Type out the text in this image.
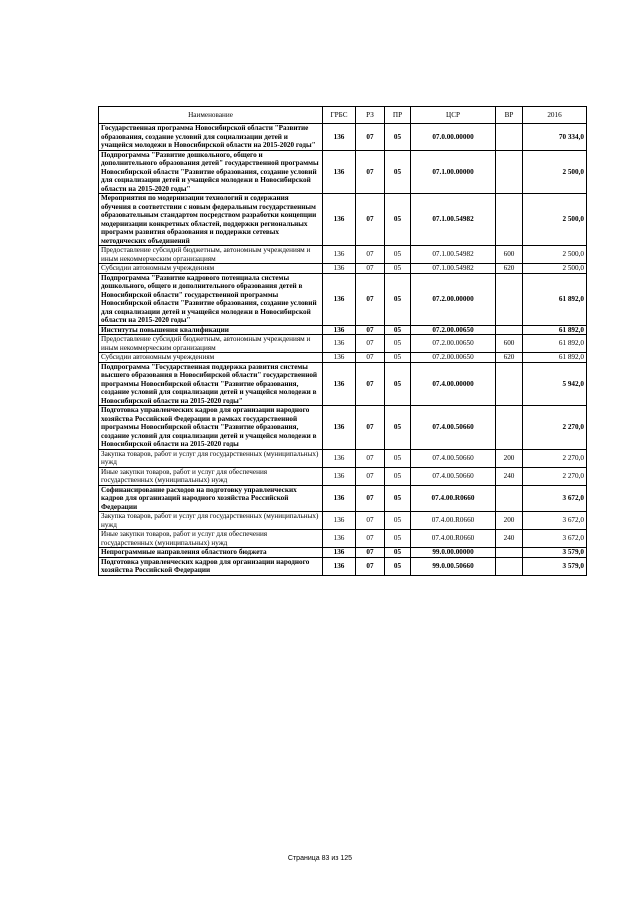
Наименование	ГРБС	РЗ	ПР	ЦСР	ВР	2016
Государственная программа Новосибирской области "Развитие образования, создание условий для социализации детей и учащейся молодежи в Новосибирской области на 2015-2020 годы"	136	07	05	07.0.00.00000		70 334,0
Подпрограмма "Развитие дошкольного, общего и дополнительного образования детей" государственной программы Новосибирской области "Развитие образования, создание условий для социализации детей и учащейся молодежи в Новосибирской области на 2015-2020 годы"	136	07	05	07.1.00.00000		2 500,0
Мероприятия по модернизации технологий и содержания обучения в соответствии с новым федеральным государственным образовательным стандартом посредством разработки концепции модернизации конкретных областей, поддержки региональных программ развития образования и поддержки сетевых методических объединений	136	07	05	07.1.00.54982		2 500,0
Предоставление субсидий бюджетным, автономным учреждениям и иным некоммерческим организациям	136	07	05	07.1.00.54982	600	2 500,0
Субсидии автономным учреждениям	136	07	05	07.1.00.54982	620	2 500,0
Подпрограмма "Развитие кадрового потенциала системы дошкольного, общего и дополнительного образования детей в Новосибирской области" государственной программы Новосибирской области "Развитие образования, создание условий для социализации детей и учащейся молодежи в Новосибирской области на 2015-2020 годы"	136	07	05	07.2.00.00000		61 892,0
Институты повышения квалификации	136	07	05	07.2.00.00650		61 892,0
Предоставление субсидий бюджетным, автономным учреждениям и иным некоммерческим организациям	136	07	05	07.2.00.00650	600	61 892,0
Субсидии автономным учреждениям	136	07	05	07.2.00.00650	620	61 892,0
Подпрограмма "Государственная поддержка развития системы высшего образования в Новосибирской области" государственной программы Новосибирской области "Развитие образования, создание условий для социализации детей и учащейся молодежи в Новосибирской области на 2015-2020 годы"	136	07	05	07.4.00.00000		5 942,0
Подготовка управленческих кадров для организации народного хозяйства Российской Федерации в рамках государственной программы Новосибирской области "Развитие образования, создание условий для социализации детей и учащейся молодежи в Новосибирской области на 2015-2020 годы	136	07	05	07.4.00.50660		2 270,0
Закупка товаров, работ и услуг для государственных (муниципальных) нужд	136	07	05	07.4.00.50660	200	2 270,0
Иные закупки товаров, работ и услуг для обеспечения государственных (муниципальных) нужд	136	07	05	07.4.00.50660	240	2 270,0
Софинансирование расходов на подготовку управленческих кадров для организаций народного хозяйства Российской Федерации	136	07	05	07.4.00.R0660		3 672,0
Закупка товаров, работ и услуг для государственных (муниципальных) нужд	136	07	05	07.4.00.R0660	200	3 672,0
Иные закупки товаров, работ и услуг для обеспечения государственных (муниципальных) нужд	136	07	05	07.4.00.R0660	240	3 672,0
Непрограммные направления областного бюджета	136	07	05	99.0.00.00000		3 579,0
Подготовка управленческих кадров для организации народного хозяйства Российской Федерации	136	07	05	99.0.00.50660		3 579,0
Страница 83 из 125
